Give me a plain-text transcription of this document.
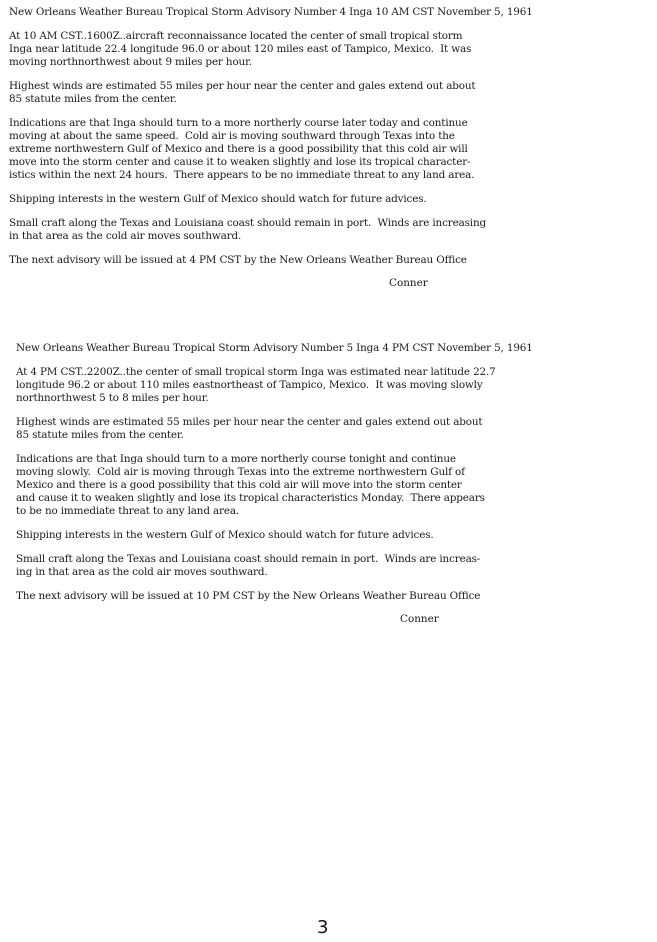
New Orleans Weather Bureau Tropical Storm Advisory Number 4 Inga 10 AM CST November 5, 1961
At 10 AM CST..1600Z..aircraft reconnaissance located the center of small tropical storm
Inga near latitude 22.4 longitude 96.0 or about 120 miles east of Tampico, Mexico.  It was
moving northnorthwest about 9 miles per hour.
Highest winds are estimated 55 miles per hour near the center and gales extend out about
85 statute miles from the center.
Indications are that Inga should turn to a more northerly course later today and continue
moving at about the same speed.  Cold air is moving southward through Texas into the
extreme northwestern Gulf of Mexico and there is a good possibility that this cold air will
move into the storm center and cause it to weaken slightly and lose its tropical character-
istics within the next 24 hours.  There appears to be no immediate threat to any land area.
Shipping interests in the western Gulf of Mexico should watch for future advices.
Small craft along the Texas and Louisiana coast should remain in port.  Winds are increasing
in that area as the cold air moves southward.
The next advisory will be issued at 4 PM CST by the New Orleans Weather Bureau Office
Conner
New Orleans Weather Bureau Tropical Storm Advisory Number 5 Inga 4 PM CST November 5, 1961
At 4 PM CST..2200Z..the center of small tropical storm Inga was estimated near latitude 22.7
longitude 96.2 or about 110 miles eastnortheast of Tampico, Mexico.  It was moving slowly
northnorthwest 5 to 8 miles per hour.
Highest winds are estimated 55 miles per hour near the center and gales extend out about
85 statute miles from the center.
Indications are that Inga should turn to a more northerly course tonight and continue
moving slowly.  Cold air is moving through Texas into the extreme northwestern Gulf of
Mexico and there is a good possibility that this cold air will move into the storm center
and cause it to weaken slightly and lose its tropical characteristics Monday.  There appears
to be no immediate threat to any land area.
Shipping interests in the western Gulf of Mexico should watch for future advices.
Small craft along the Texas and Louisiana coast should remain in port.  Winds are increas-
ing in that area as the cold air moves southward.
The next advisory will be issued at 10 PM CST by the New Orleans Weather Bureau Office
Conner
3
